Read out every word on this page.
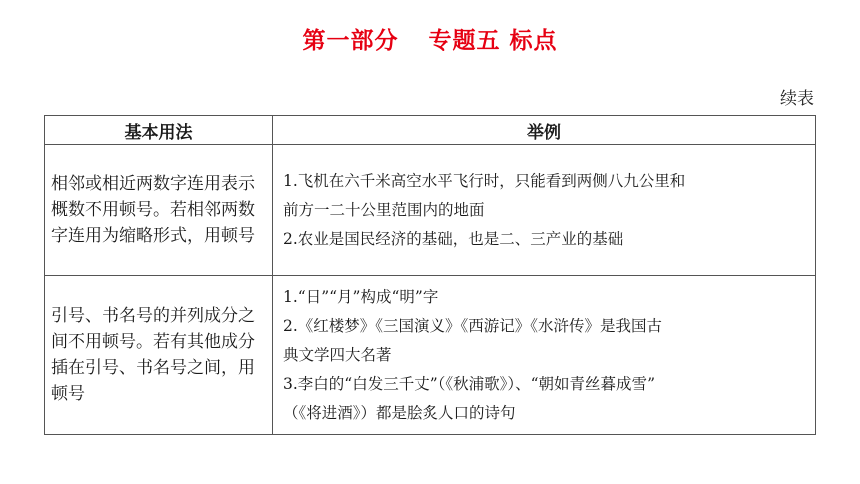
第一部分 专题五 标点
续表
基本用法	举例
相邻或相近两数字连用表示概数不用顿号。若相邻两数字连用为缩略形式，用顿号	1.飞机在六千米高空水平飞行时，只能看到两侧八九公里和
前方一二十公里范围内的地面
2.农业是国民经济的基础，也是二、三产业的基础

引号、书名号的并列成分之间不用顿号。若有其他成分插在引号、书名号之间，用顿号	1.“日”“月”构成“明”字
2.《红楼梦》《三国演义》《西游记》《水浒传》是我国古
典文学四大名著
3.李白的“白发三千丈”（《秋浦歌》）、“朝如青丝暮成雪”
（《将进酒》）都是脍炙人口的诗句
